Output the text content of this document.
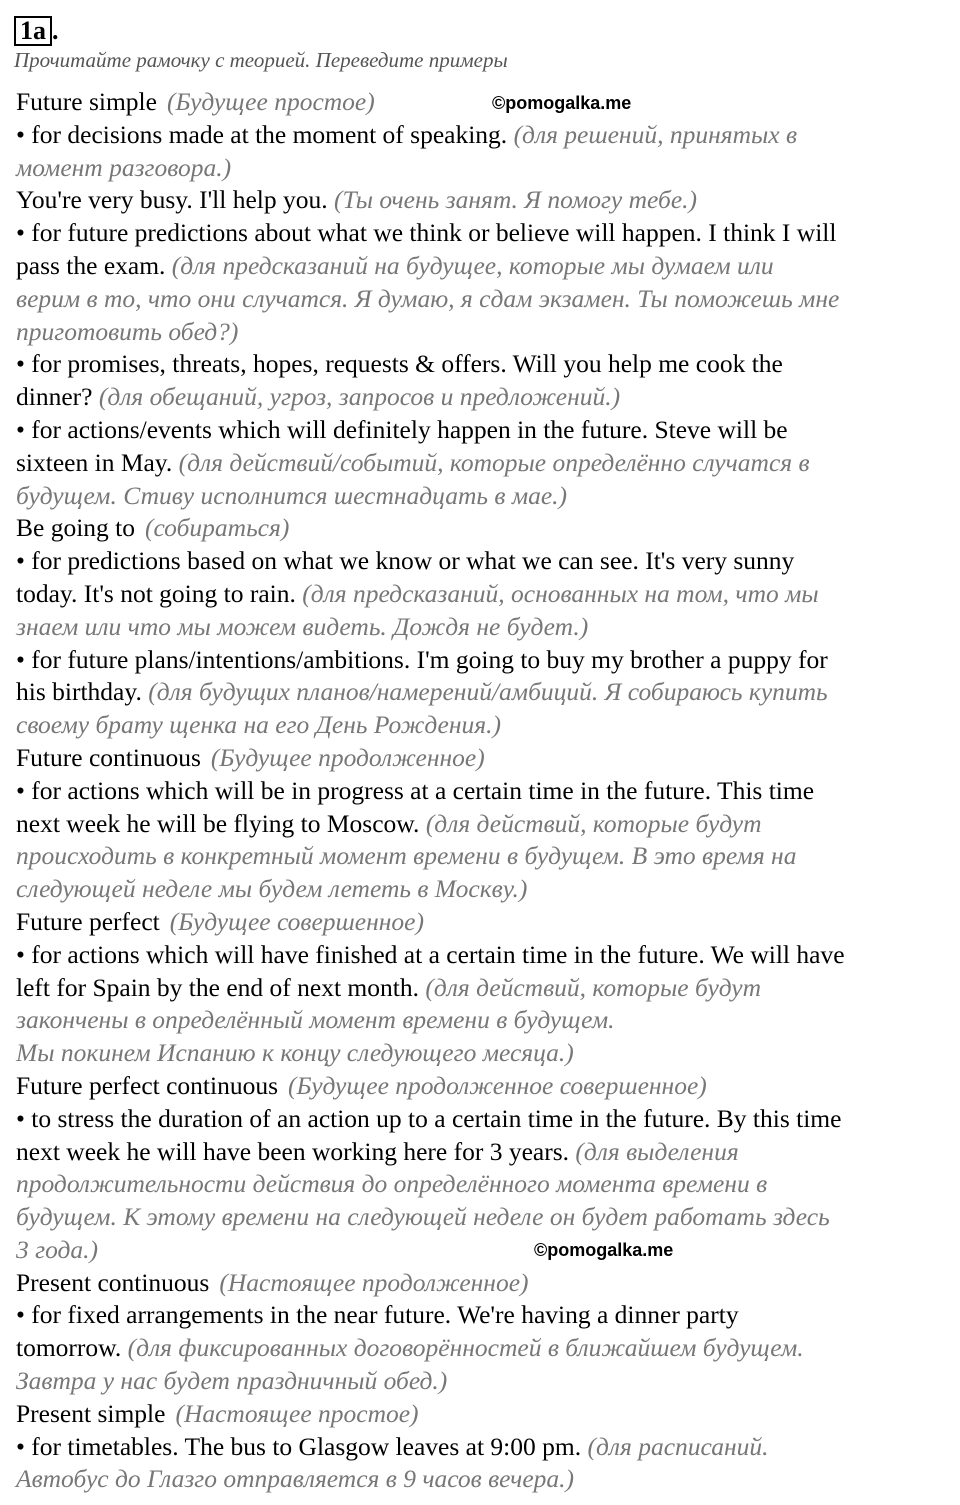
1a .
Прочитайте рамочку с теорией. Переведите примеры
©pomogalka.me
©pomogalka.me
Future simple (Будущее простое)
• for decisions made at the moment of speaking. (для решений, принятых в
момент разговора.)
You're very busy. I'll help you. (Ты очень занят. Я помогу тебе.)
• for future predictions about what we think or believe will happen. I think I will
pass the exam. (для предсказаний на будущее, которые мы думаем или
верим в то, что они случатся. Я думаю, я сдам экзамен. Ты поможешь мне
приготовить обед?)
• for promises, threats, hopes, requests & offers. Will you help me cook the
dinner? (для обещаний, угроз, запросов и предложений.)
• for actions/events which will definitely happen in the future. Steve will be
sixteen in May. (для действий/событий, которые определённо случатся в
будущем. Стиву исполнится шестнадцать в мае.)
Be going to (собираться)
• for predictions based on what we know or what we can see. It's very sunny
today. It's not going to rain. (для предсказаний, основанных на том, что мы
знаем или что мы можем видеть. Дождя не будет.)
• for future plans/intentions/ambitions. I'm going to buy my brother a puppy for
his birthday. (для будущих планов/намерений/амбиций. Я собираюсь купить
своему брату щенка на его День Рождения.)
Future continuous (Будущее продолженное)
• for actions which will be in progress at a certain time in the future. This time
next week he will be flying to Moscow. (для действий, которые будут
происходить в конкретный момент времени в будущем. В это время на
следующей неделе мы будем лететь в Москву.)
Future perfect (Будущее совершенное)
• for actions which will have finished at a certain time in the future. We will have
left for Spain by the end of next month. (для действий, которые будут
закончены в определённый момент времени в будущем.
Мы покинем Испанию к концу следующего месяца.)
Future perfect continuous (Будущее продолженное совершенное)
• to stress the duration of an action up to a certain time in the future. By this time
next week he will have been working here for 3 years. (для выделения
продолжительности действия до определённого момента времени в
будущем. К этому времени на следующей неделе он будет работать здесь
3 года.)
Present continuous (Настоящее продолженное)
• for fixed arrangements in the near future. We're having a dinner party
tomorrow. (для фиксированных договорённостей в ближайшем будущем.
Завтра у нас будет праздничный обед.)
Present simple (Настоящее простое)
• for timetables. The bus to Glasgow leaves at 9:00 pm. (для расписаний.
Автобус до Глазго отправляется в 9 часов вечера.)
